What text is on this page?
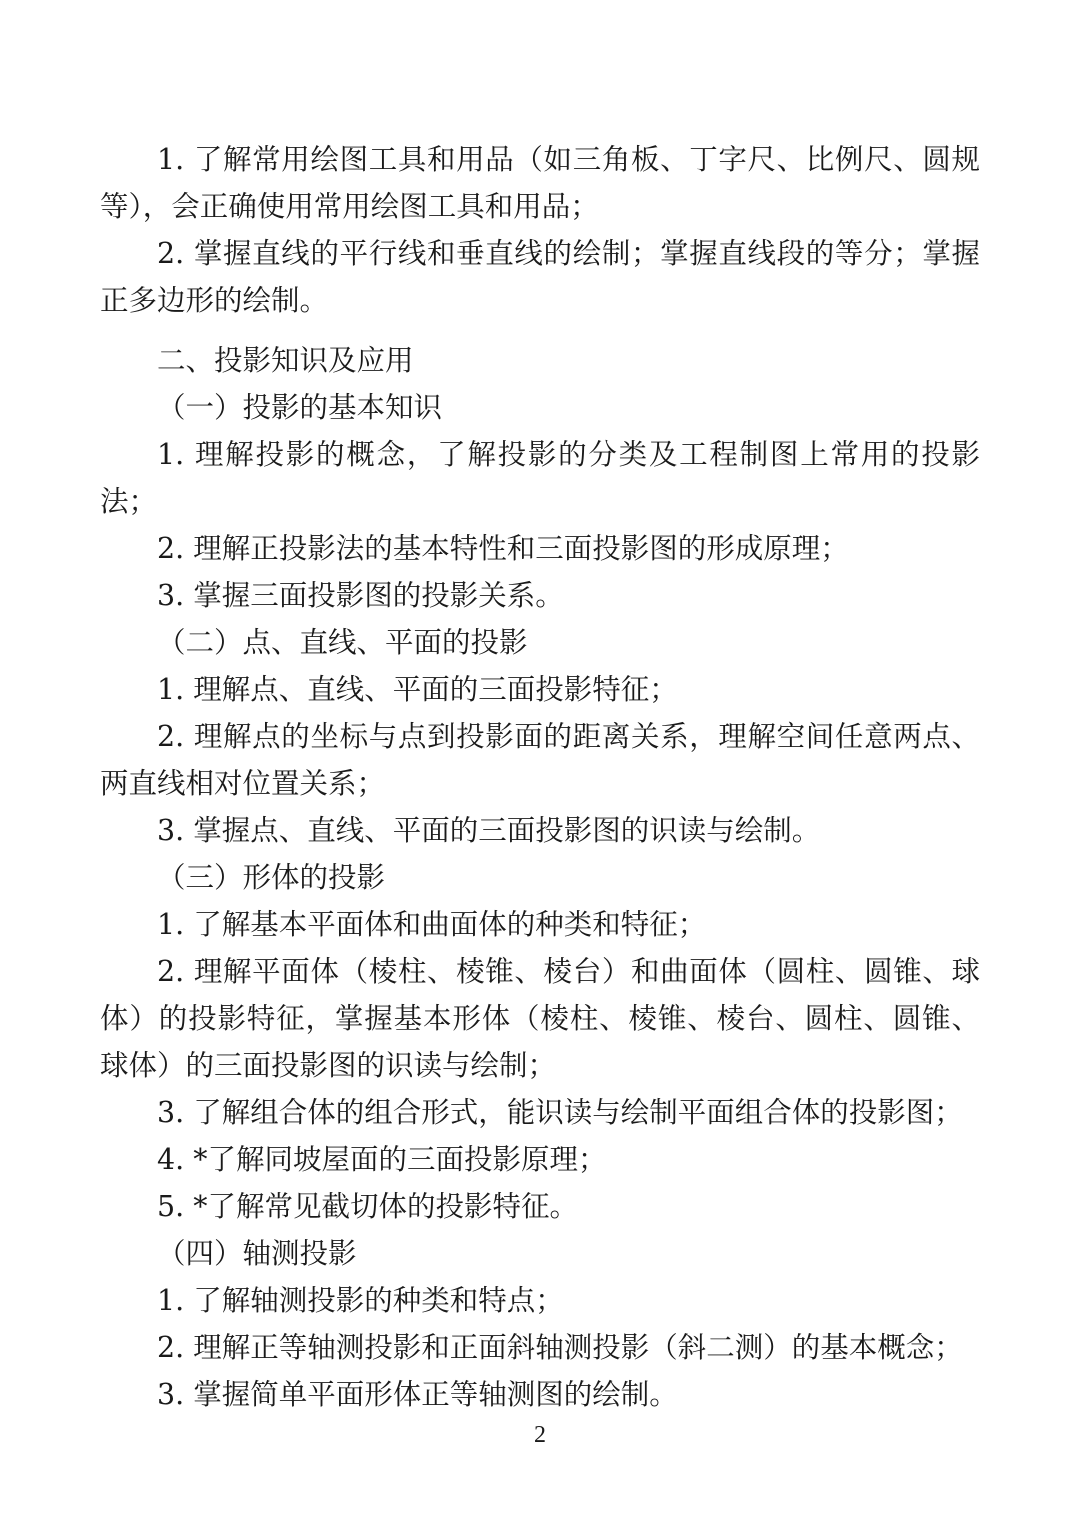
1. 了解常用绘图工具和用品（如三角板、丁字尺、比例尺、圆规等），会正确使用常用绘图工具和用品；

2. 掌握直线的平行线和垂直线的绘制；掌握直线段的等分；掌握正多边形的绘制。

二、投影知识及应用

（一）投影的基本知识

1. 理解投影的概念，了解投影的分类及工程制图上常用的投影法；

2. 理解正投影法的基本特性和三面投影图的形成原理；

3. 掌握三面投影图的投影关系。

（二）点、直线、平面的投影

1. 理解点、直线、平面的三面投影特征；

2. 理解点的坐标与点到投影面的距离关系，理解空间任意两点、两直线相对位置关系；

3. 掌握点、直线、平面的三面投影图的识读与绘制。

（三）形体的投影

1. 了解基本平面体和曲面体的种类和特征；

2. 理解平面体（棱柱、棱锥、棱台）和曲面体（圆柱、圆锥、球体）的投影特征，掌握基本形体（棱柱、棱锥、棱台、圆柱、圆锥、球体）的三面投影图的识读与绘制；

3. 了解组合体的组合形式，能识读与绘制平面组合体的投影图；

4. *了解同坡屋面的三面投影原理；

5. *了解常见截切体的投影特征。

（四）轴测投影

1. 了解轴测投影的种类和特点；

2. 理解正等轴测投影和正面斜轴测投影（斜二测）的基本概念；

3. 掌握简单平面形体正等轴测图的绘制。

2
